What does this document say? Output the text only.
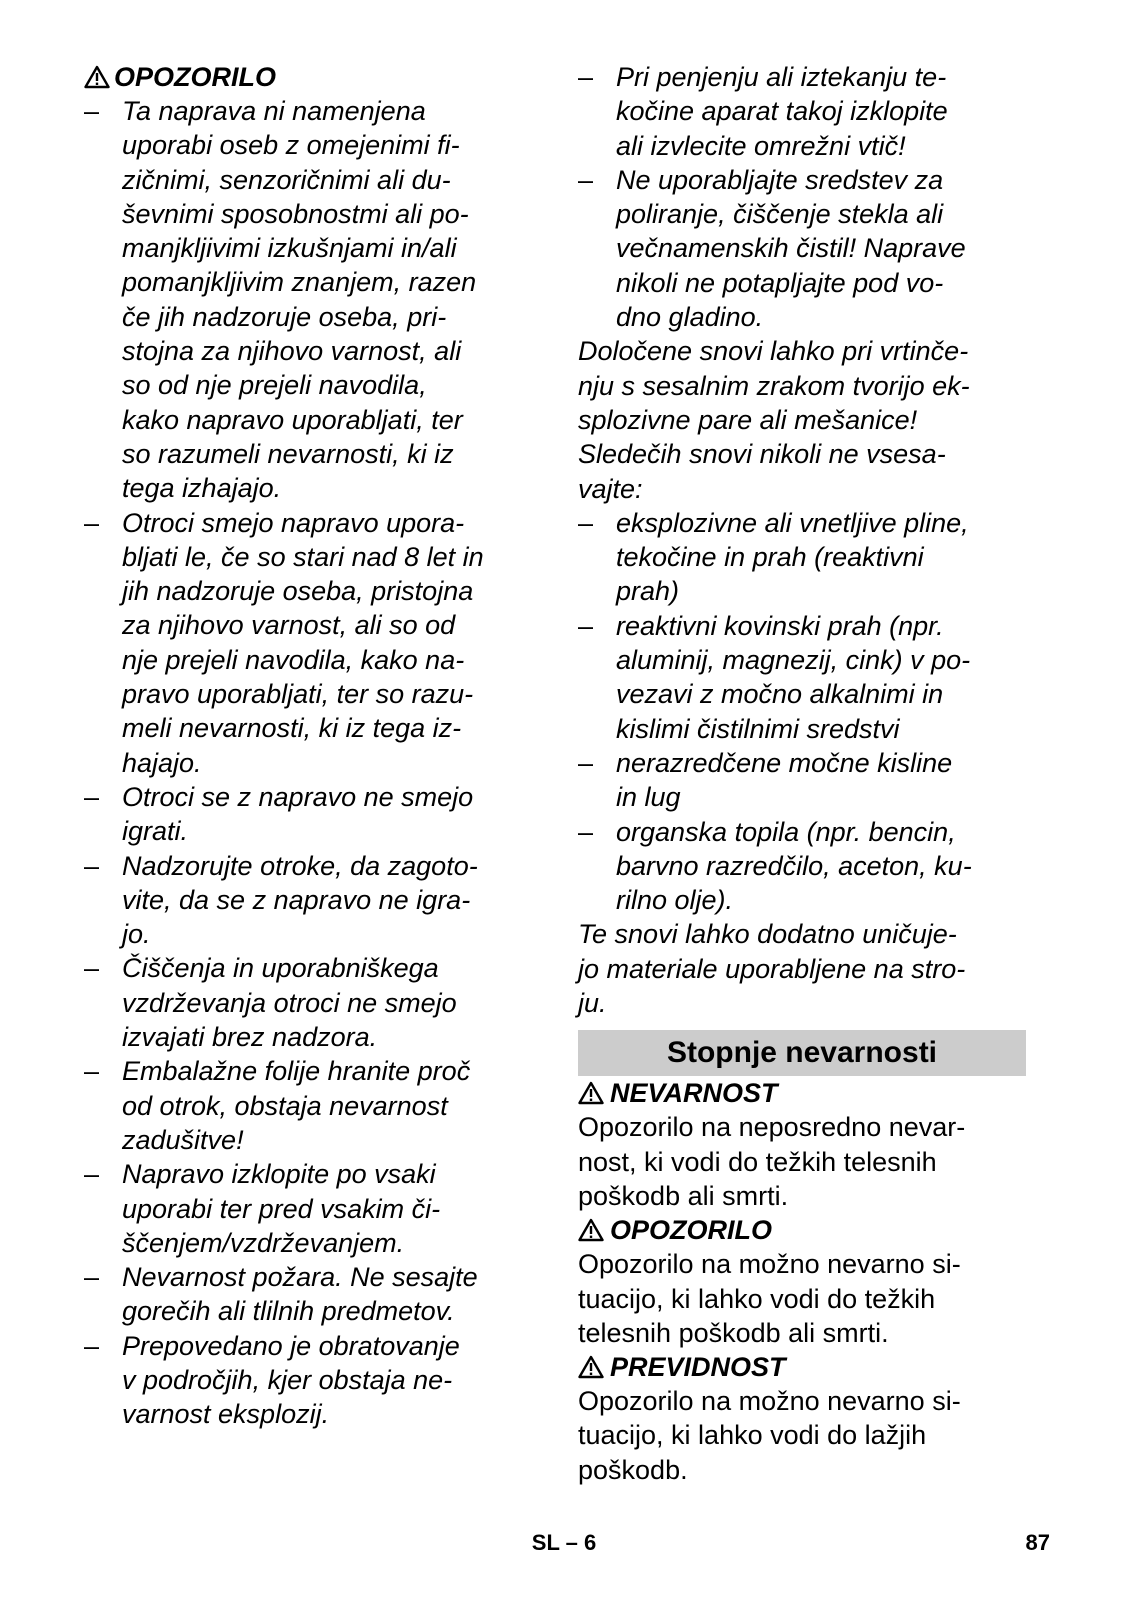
OPOZORILO
– Ta naprava ni namenjena
uporabi oseb z omejenimi fi-
zičnimi, senzoričnimi ali du-
ševnimi sposobnostmi ali po-
manjkljivimi izkušnjami in/ali
pomanjkljivim znanjem, razen
če jih nadzoruje oseba, pri-
stojna za njihovo varnost, ali
so od nje prejeli navodila,
kako napravo uporabljati, ter
so razumeli nevarnosti, ki iz
tega izhajajo.
– Otroci smejo napravo upora-
bljati le, če so stari nad 8 let in
jih nadzoruje oseba, pristojna
za njihovo varnost, ali so od
nje prejeli navodila, kako na-
pravo uporabljati, ter so razu-
meli nevarnosti, ki iz tega iz-
hajajo.
– Otroci se z napravo ne smejo
igrati.
– Nadzorujte otroke, da zagoto-
vite, da se z napravo ne igra-
jo.
– Čiščenja in uporabniškega
vzdrževanja otroci ne smejo
izvajati brez nadzora.
– Embalažne folije hranite proč
od otrok, obstaja nevarnost
zadušitve!
– Napravo izklopite po vsaki
uporabi ter pred vsakim či-
ščenjem/vzdrževanjem.
– Nevarnost požara. Ne sesajte
gorečih ali tlilnih predmetov.
– Prepovedano je obratovanje
v področjih, kjer obstaja ne-
varnost eksplozij.
– Pri penjenju ali iztekanju te-
kočine aparat takoj izklopite
ali izvlecite omrežni vtič!
– Ne uporabljajte sredstev za
poliranje, čiščenje stekla ali
večnamenskih čistil! Naprave
nikoli ne potapljajte pod vo-
dno gladino.
Določene snovi lahko pri vrtinče-
nju s sesalnim zrakom tvorijo ek-
splozivne pare ali mešanice!
Sledečih snovi nikoli ne vsesa-
vajte:
– eksplozivne ali vnetljive pline,
tekočine in prah (reaktivni
prah)
– reaktivni kovinski prah (npr.
aluminij, magnezij, cink) v po-
vezavi z močno alkalnimi in
kislimi čistilnimi sredstvi
– nerazredčene močne kisline
in lug
– organska topila (npr. bencin,
barvno razredčilo, aceton, ku-
rilno olje).
Te snovi lahko dodatno uničuje-
jo materiale uporabljene na stro-
ju.
Stopnje nevarnosti
NEVARNOST
Opozorilo na neposredno nevar-
nost, ki vodi do težkih telesnih
poškodb ali smrti.
OPOZORILO
Opozorilo na možno nevarno si-
tuacijo, ki lahko vodi do težkih
telesnih poškodb ali smrti.
PREVIDNOST
Opozorilo na možno nevarno si-
tuacijo, ki lahko vodi do lažjih
poškodb.
SL – 6	87
